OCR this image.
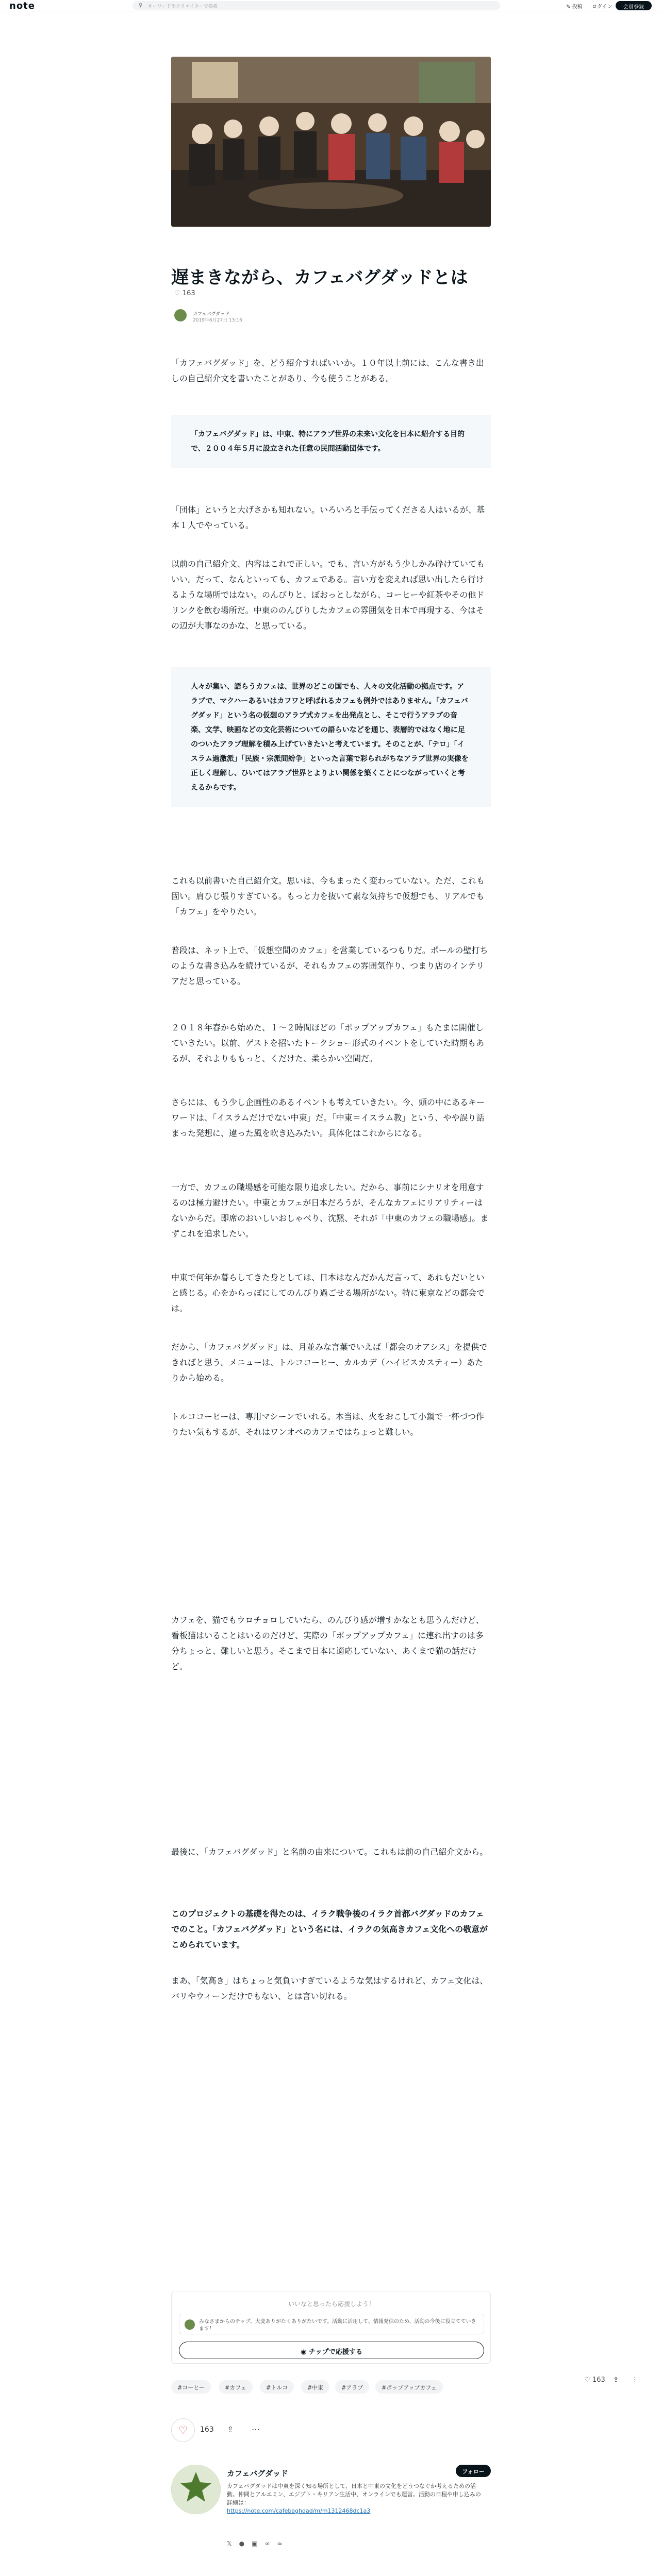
note	⚲ キーワードやクリエイターで検索	✎ 投稿 ログイン	会員登録
遅まきながら、カフェバグダッドとは
♡ 163
カフェバグダッド
2019年6月27日 13:16

「カフェバグダッド」を、どう紹介すればいいか。１０年以上前には、こんな書き出しの自己紹介文を書いたことがあり、今も使うことがある。

「カフェバグダッド」は、中東、特にアラブ世界の未来い文化を日本に紹介する目的で、２００４年５月に設立された任意の民間活動団体です。

「団体」というと大げさかも知れない。いろいろと手伝ってくださる人はいるが、基本１人でやっている。

以前の自己紹介文、内容はこれで正しい。でも、言い方がもう少しかみ砕けていてもいい。だって、なんといっても、カフェである。言い方を変えれば思い出したら行けるような場所ではない。のんびりと、ぼおっとしながら、コーヒーや紅茶やその他ドリンクを飲む場所だ。中東ののんびりしたカフェの雰囲気を日本で再現する、今はその辺が大事なのかな、と思っている。

人々が集い、語らうカフェは、世界のどこの国でも、人々の文化活動の拠点です。アラブで、マクハーあるいはカフワと呼ばれるカフェも例外ではありません。「カフェバグダッド」という名の仮想のアラブ式カフェを出発点とし、そこで行うアラブの音楽、文学、映画などの文化芸術についての語らいなどを通じ、表層的ではなく地に足のついたアラブ理解を積み上げていきたいと考えています。そのことが、「テロ」「イスラム過激派」「民族・宗派間紛争」といった言葉で彩られがちなアラブ世界の実像を正しく理解し、ひいてはアラブ世界とよりよい関係を築くことにつながっていくと考えるからです。

これも以前書いた自己紹介文。思いは、今もまったく変わっていない。ただ、これも固い。肩ひじ張りすぎている。もっと力を抜いて素な気持ちで仮想でも、リアルでも「カフェ」をやりたい。

普段は、ネット上で、「仮想空間のカフェ」を営業しているつもりだ。ポールの壁打ちのような書き込みを続けているが、それもカフェの雰囲気作り、つまり店のインテリアだと思っている。

２０１８年春から始めた、１～２時間ほどの「ポップアップカフェ」もたまに開催していきたい。以前、ゲストを招いたトークショー形式のイベントをしていた時期もあるが、それよりももっと、くだけた、柔らかい空間だ。

さらには、もう少し企画性のあるイベントも考えていきたい。今、頭の中にあるキーワードは、「イスラムだけでない中東」だ。「中東＝イスラム教」という、やや誤り話まった発想に、違った風を吹き込みたい。具体化はこれからになる。

一方で、カフェの職場感を可能な限り追求したい。だから、事前にシナリオを用意するのは極力避けたい。中東とカフェが日本だろうが、そんなカフェにリアリティーはないからだ。即席のおいしいおしゃべり、沈黙、それが「中東のカフェの職場感」。まずこれを追求したい。

中東で何年か暮らしてきた身としては、日本はなんだかんだ言って、あれもだいといと感じる。心をからっぽにしてのんびり過ごせる場所がない。特に東京などの都会では。

だから、「カフェバグダッド」は、月並みな言葉でいえば「都会のオアシス」を提供できればと思う。メニューは、トルココーヒー、カルカデ（ハイビスカスティー）あたりから始める。

トルココーヒーは、専用マシーンでいれる。本当は、火をおこして小鍋で一杯づつ作りたい気もするが、それはワンオペのカフェではちょっと難しい。

カフェを、猫でもウロチョロしていたら、のんびり感が増すかなとも思うんだけど、看板猫はいることはいるのだけど、実際の「ポップアップカフェ」に連れ出すのは多分ちょっと、難しいと思う。そこまで日本に適応していない、あくまで猫の話だけど。

最後に、「カフェバグダッド」と名前の由来について。これもは前の自己紹介文から。

このプロジェクトの基礎を得たのは、イラク戦争後のイラク首都バグダッドのカフェでのこと。「カフェバグダッド」という名には、イラクの気高きカフェ文化への敬意がこめられています。

まあ、「気高き」はちょっと気負いすぎているような気はするけれど、カフェ文化は、バリやウィーンだけでもない、とは言い切れる。

いいなと思ったら応援しよう！
みなさまからのチップ、大変ありがたくありがたいです。活動に活用して、情報発信のため、活動の今後に役立てていきます！
◉ チップで応援する
#コーヒー	#カフェ	#トルコ	#中東	#アラブ	#ポップアップカフェ
♡	163 ⇪ ⋯
カフェバグダッド	フォロー
カフェバグダッドは中東を深く知る場所として、日本と中東の文化をどうつなぐか考えるための活動。仲間とアルエミン、エジプト・キリアン生活中、オンラインでも運営。活動の日程や申し込みの詳細は：
https://note.com/cafebaghdad/m/m1312468dc1a3
𝕏●▣∞≈
♡ 163 ⇪ ⋮
